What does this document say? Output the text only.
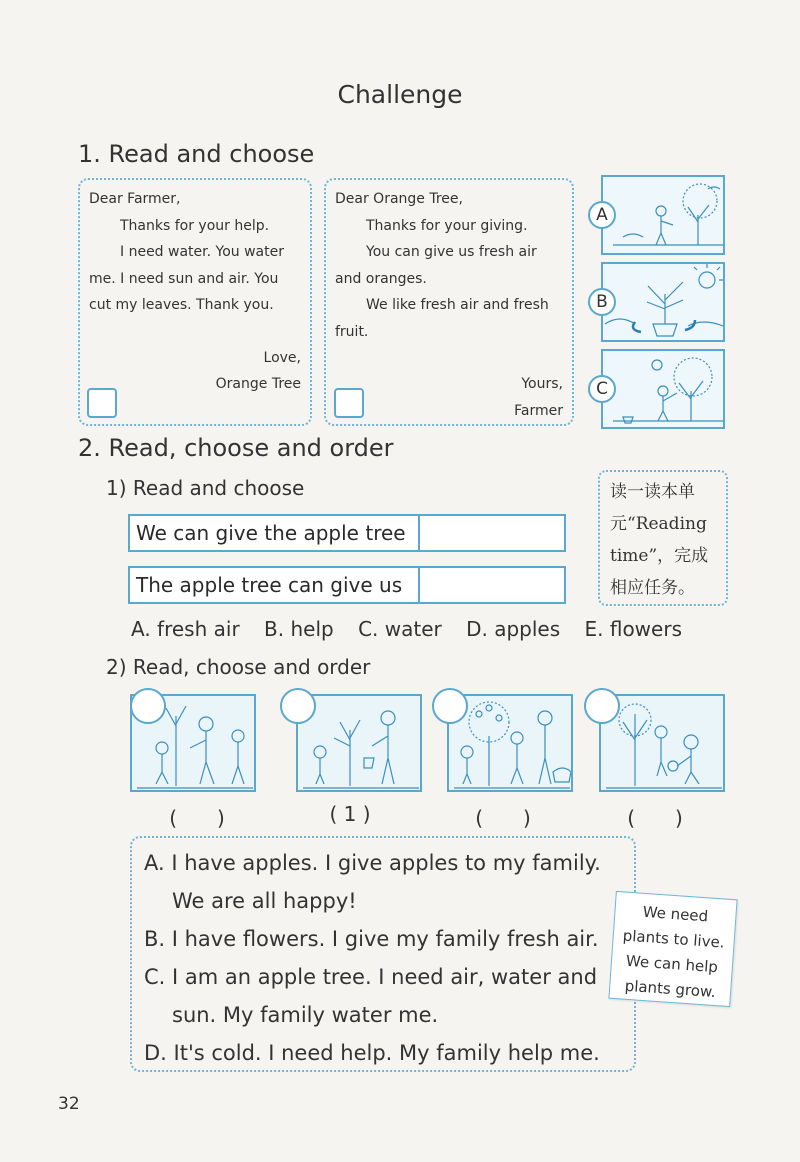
Challenge
1. Read and choose

Dear Farmer,

Thanks for your help.

I need water. You water

me. I need sun and air. You

cut my leaves. Thank you.

Love,

Orange Tree

Dear Orange Tree,

Thanks for your giving.

You can give us fresh air

and oranges.

We like fresh air and fresh

fruit.

Yours,

Farmer

A
B
C
2. Read, choose and order
1) Read and choose
We can give the apple tree
The apple tree can give us
读一读本单
元“Reading
time”，完成
相应任务。
A. fresh air B. help C. water D. apples E. flowers
2) Read, choose and order
(　　)	( 1 )	(　　)	(　　)

A. I have apples. I give apples to my family.

We are all happy!

B. I have flowers. I give my family fresh air.

C. I am an apple tree. I need air, water and

sun. My family water me.

D. It's cold. I need help. My family help me.

We need
plants to live.
We can help
plants grow.
32
